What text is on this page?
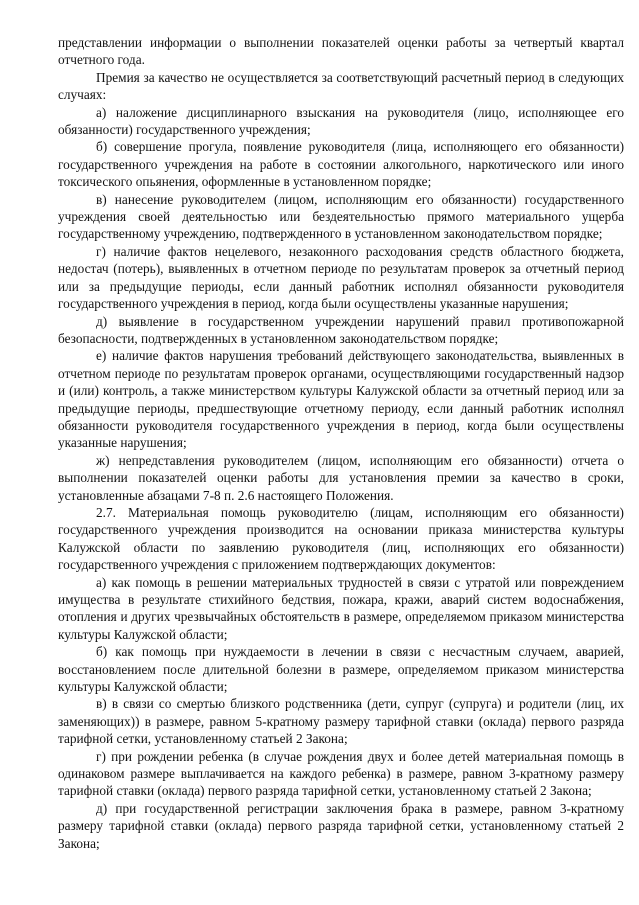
представлении информации о выполнении показателей оценки работы за четвертый квартал отчетного года.

Премия за качество не осуществляется за соответствующий расчетный период в следующих случаях:

а) наложение дисциплинарного взыскания на руководителя (лицо, исполняющее его обязанности) государственного учреждения;

б) совершение прогула, появление руководителя (лица, исполняющего его обязанности) государственного учреждения на работе в состоянии алкогольного, наркотического или иного токсического опьянения, оформленные в установленном порядке;

в) нанесение руководителем (лицом, исполняющим его обязанности) государственного учреждения своей деятельностью или бездеятельностью прямого материального ущерба государственному учреждению, подтвержденного в установленном законодательством порядке;

г) наличие фактов нецелевого, незаконного расходования средств областного бюджета, недостач (потерь), выявленных в отчетном периоде по результатам проверок за отчетный период или за предыдущие периоды, если данный работник исполнял обязанности руководителя государственного учреждения в период, когда были осуществлены указанные нарушения;

д) выявление в государственном учреждении нарушений правил противопожарной безопасности, подтвержденных в установленном законодательством порядке;

е) наличие фактов нарушения требований действующего законодательства, выявленных в отчетном периоде по результатам проверок органами, осуществляющими государственный надзор и (или) контроль, а также министерством культуры Калужской области за отчетный период или за предыдущие периоды, предшествующие отчетному периоду, если данный работник исполнял обязанности руководителя государственного учреждения в период, когда были осуществлены указанные нарушения;

ж) непредставления руководителем (лицом, исполняющим его обязанности) отчета о выполнении показателей оценки работы для установления премии за качество в сроки, установленные абзацами 7-8 п. 2.6 настоящего Положения.

2.7. Материальная помощь руководителю (лицам, исполняющим его обязанности) государственного учреждения производится на основании приказа министерства культуры Калужской области по заявлению руководителя (лиц, исполняющих его обязанности) государственного учреждения с приложением подтверждающих документов:

а) как помощь в решении материальных трудностей в связи с утратой или повреждением имущества в результате стихийного бедствия, пожара, кражи, аварий систем водоснабжения, отопления и других чрезвычайных обстоятельств в размере, определяемом приказом министерства культуры Калужской области;

б) как помощь при нуждаемости в лечении в связи с несчастным случаем, аварией, восстановлением после длительной болезни в размере, определяемом приказом министерства культуры Калужской области;

в) в связи со смертью близкого родственника (дети, супруг (супруга) и родители (лиц, их заменяющих)) в размере, равном 5-кратному размеру тарифной ставки (оклада) первого разряда тарифной сетки, установленному статьей 2 Закона;

г) при рождении ребенка (в случае рождения двух и более детей материальная помощь в одинаковом размере выплачивается на каждого ребенка) в размере, равном 3-кратному размеру тарифной ставки (оклада) первого разряда тарифной сетки, установленному статьей 2 Закона;

д) при государственной регистрации заключения брака в размере, равном 3-кратному размеру тарифной ставки (оклада) первого разряда тарифной сетки, установленному статьей 2 Закона;
